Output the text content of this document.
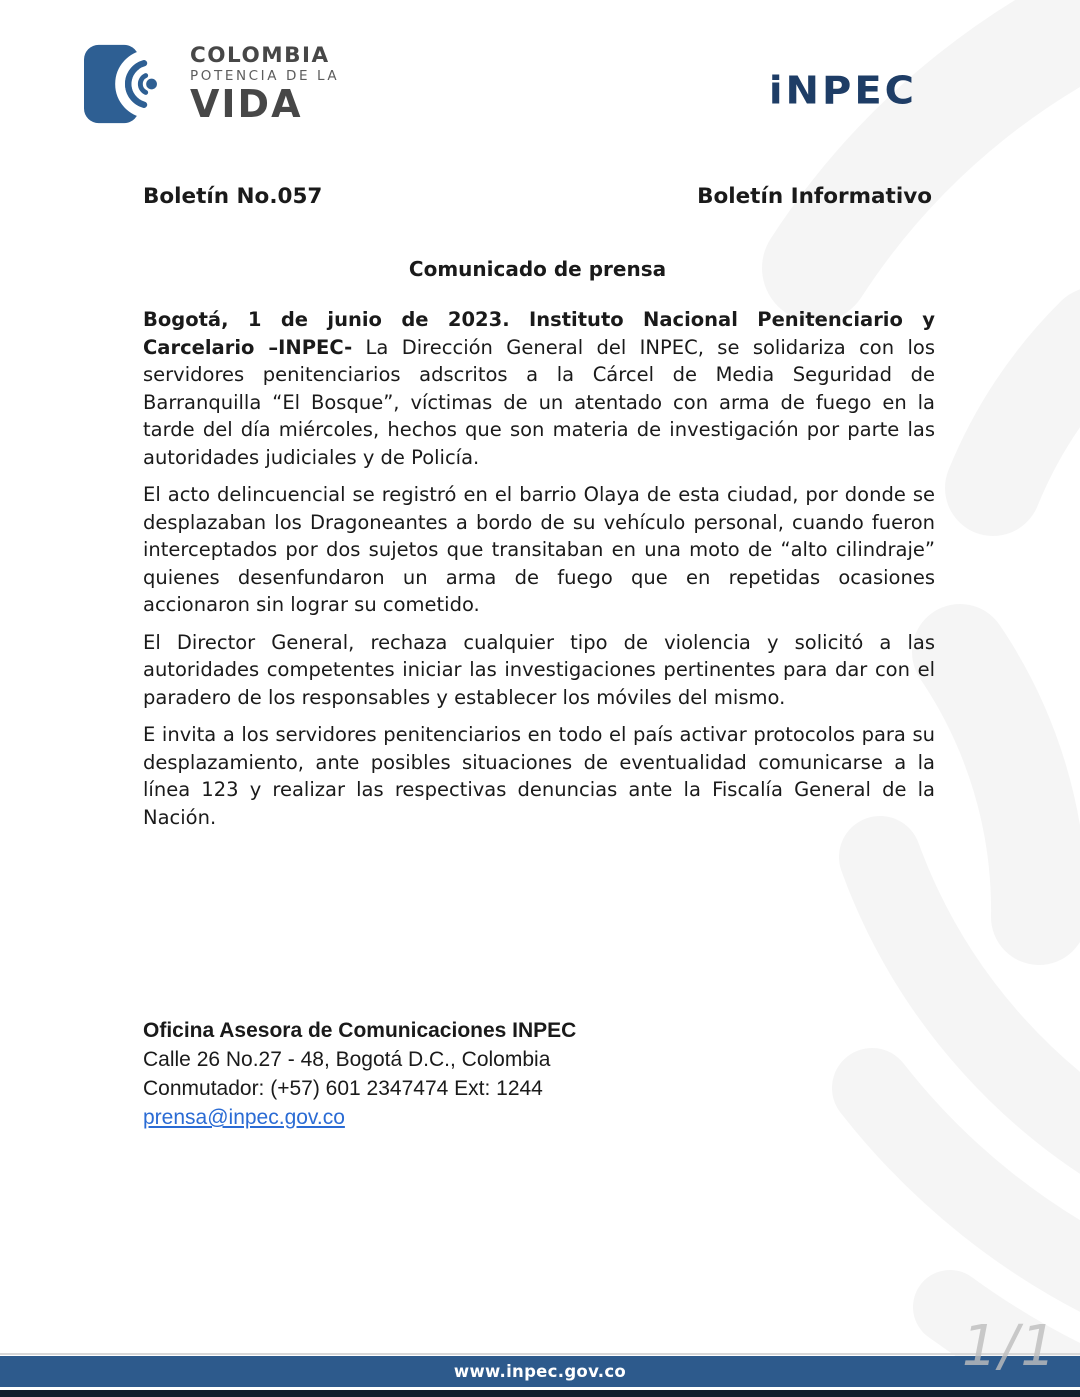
COLOMBIA
POTENCIA DE LA
VIDA	iNPEC
Boletín No.057	Boletín Informativo
Comunicado de prensa

Bogotá, 1 de junio de 2023. Instituto Nacional Penitenciario y Carcelario –INPEC- La Dirección General del INPEC, se solidariza con los servidores penitenciarios adscritos a la Cárcel de Media Seguridad de Barranquilla “El Bosque”, víctimas de un atentado con arma de fuego en la tarde del día miércoles, hechos que son materia de investigación por parte las autoridades judiciales y de Policía.

El acto delincuencial se registró en el barrio Olaya de esta ciudad, por donde se desplazaban los Dragoneantes a bordo de su vehículo personal, cuando fueron interceptados por dos sujetos que transitaban en una moto de “alto cilindraje” quienes desenfundaron un arma de fuego que en repetidas ocasiones accionaron sin lograr su cometido.

El Director General, rechaza cualquier tipo de violencia y solicitó a las autoridades competentes iniciar las investigaciones pertinentes para dar con el paradero de los responsables y establecer los móviles del mismo.

E invita a los servidores penitenciarios en todo el país activar protocolos para su desplazamiento, ante posibles situaciones de eventualidad comunicarse a la línea 123 y realizar las respectivas denuncias ante la Fiscalía General de la Nación.

Oficina Asesora de Comunicaciones INPEC
Calle 26 No.27 - 48, Bogotá D.C., Colombia
Conmutador: (+57) 601 2347474 Ext: 1244
prensa@inpec.gov.co
www.inpec.gov.co	1/1
